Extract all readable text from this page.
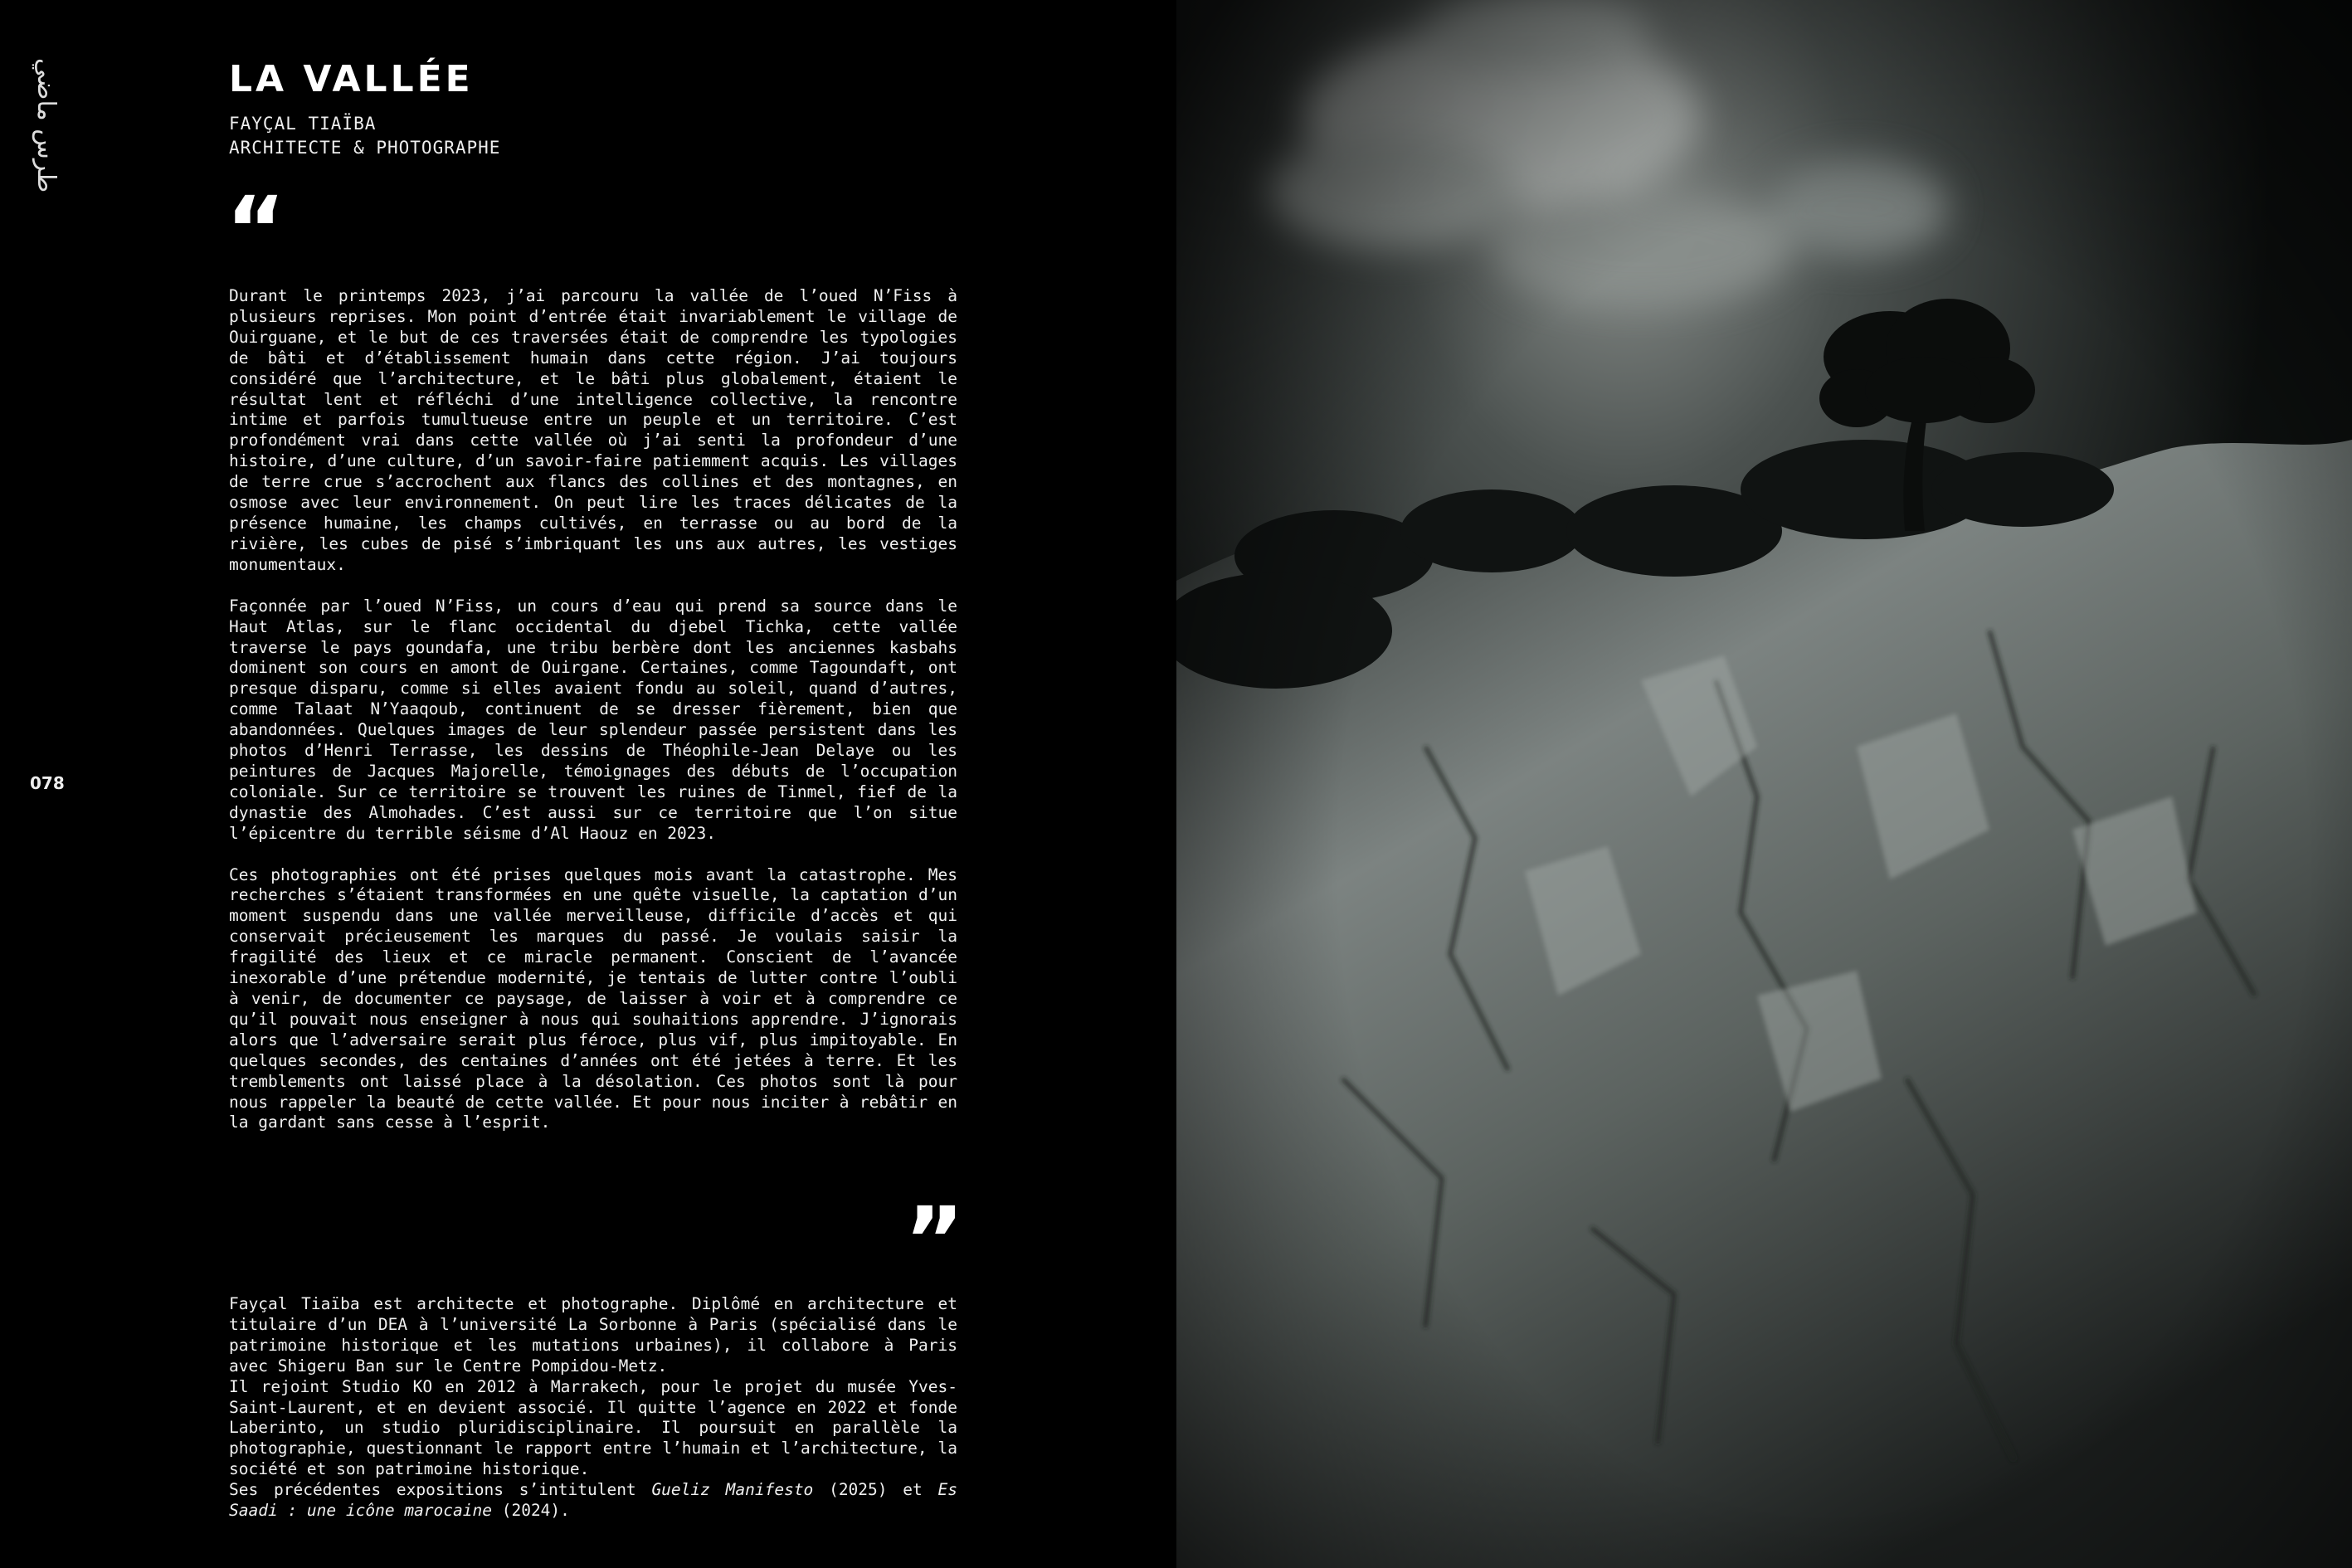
طرس ماضي
078
LA VALLÉE
FAYÇAL TIAÏBA
ARCHITECTE & PHOTOGRAPHE
“

Durant le printemps 2023, j’ai parcouru la vallée de l’oued N’Fiss à plusieurs reprises. Mon point d’entrée était invariablement le village de Ouirguane, et le but de ces traversées était de comprendre les typologies de bâti et d’établissement humain dans cette région. J’ai toujours considéré que l’architecture, et le bâti plus globalement, étaient le résultat lent et réfléchi d’une intelligence collective, la rencontre intime et parfois tumultueuse entre un peuple et un territoire. C’est profondément vrai dans cette vallée où j’ai senti la profondeur d’une histoire, d’une culture, d’un savoir-faire patiemment acquis. Les villages de terre crue s’accrochent aux flancs des collines et des montagnes, en osmose avec leur environnement. On peut lire les traces délicates de la présence humaine, les champs cultivés, en terrasse ou au bord de la rivière, les cubes de pisé s’imbriquant les uns aux autres, les vestiges monumentaux.

Façonnée par l’oued N’Fiss, un cours d’eau qui prend sa source dans le Haut Atlas, sur le flanc occidental du djebel Tichka, cette vallée traverse le pays goundafa, une tribu berbère dont les anciennes kasbahs dominent son cours en amont de Ouirgane. Certaines, comme Tagoundaft, ont presque disparu, comme si elles avaient fondu au soleil, quand d’autres, comme Talaat N’Yaaqoub, continuent de se dresser fièrement, bien que abandonnées. Quelques images de leur splendeur passée persistent dans les photos d’Henri Terrasse, les dessins de Théophile-Jean Delaye ou les peintures de Jacques Majorelle, témoignages des débuts de l’occupation coloniale. Sur ce territoire se trouvent les ruines de Tinmel, fief de la dynastie des Almohades. C’est aussi sur ce territoire que l’on situe l’épicentre du terrible séisme d’Al Haouz en 2023.

Ces photographies ont été prises quelques mois avant la catastrophe. Mes recherches s’étaient transformées en une quête visuelle, la captation d’un moment suspendu dans une vallée merveilleuse, difficile d’accès et qui conservait précieusement les marques du passé. Je voulais saisir la fragilité des lieux et ce miracle permanent. Conscient de l’avancée inexorable d’une prétendue modernité, je tentais de lutter contre l’oubli à venir, de documenter ce paysage, de laisser à voir et à comprendre ce qu’il pouvait nous enseigner à nous qui souhaitions apprendre. J’ignorais alors que l’adversaire serait plus féroce, plus vif, plus impitoyable. En quelques secondes, des centaines d’années ont été jetées à terre. Et les tremblements ont laissé place à la désolation. Ces photos sont là pour nous rappeler la beauté de cette vallée. Et pour nous inciter à rebâtir en la gardant sans cesse à l’esprit.

”

Fayçal Tiaïba est architecte et photographe. Diplômé en architecture et titulaire d’un DEA à l’université La Sorbonne à Paris (spécialisé dans le patrimoine historique et les mutations urbaines), il collabore à Paris avec Shigeru Ban sur le Centre Pompidou-Metz.

Il rejoint Studio KO en 2012 à Marrakech, pour le projet du musée Yves-Saint-Laurent, et en devient associé. Il quitte l’agence en 2022 et fonde Laberinto, un studio pluridisciplinaire. Il poursuit en parallèle la photographie, questionnant le rapport entre l’humain et l’architecture, la société et son patrimoine historique.

Ses précédentes expositions s’intitulent Gueliz Manifesto (2025) et Es Saadi : une icône marocaine (2024).
